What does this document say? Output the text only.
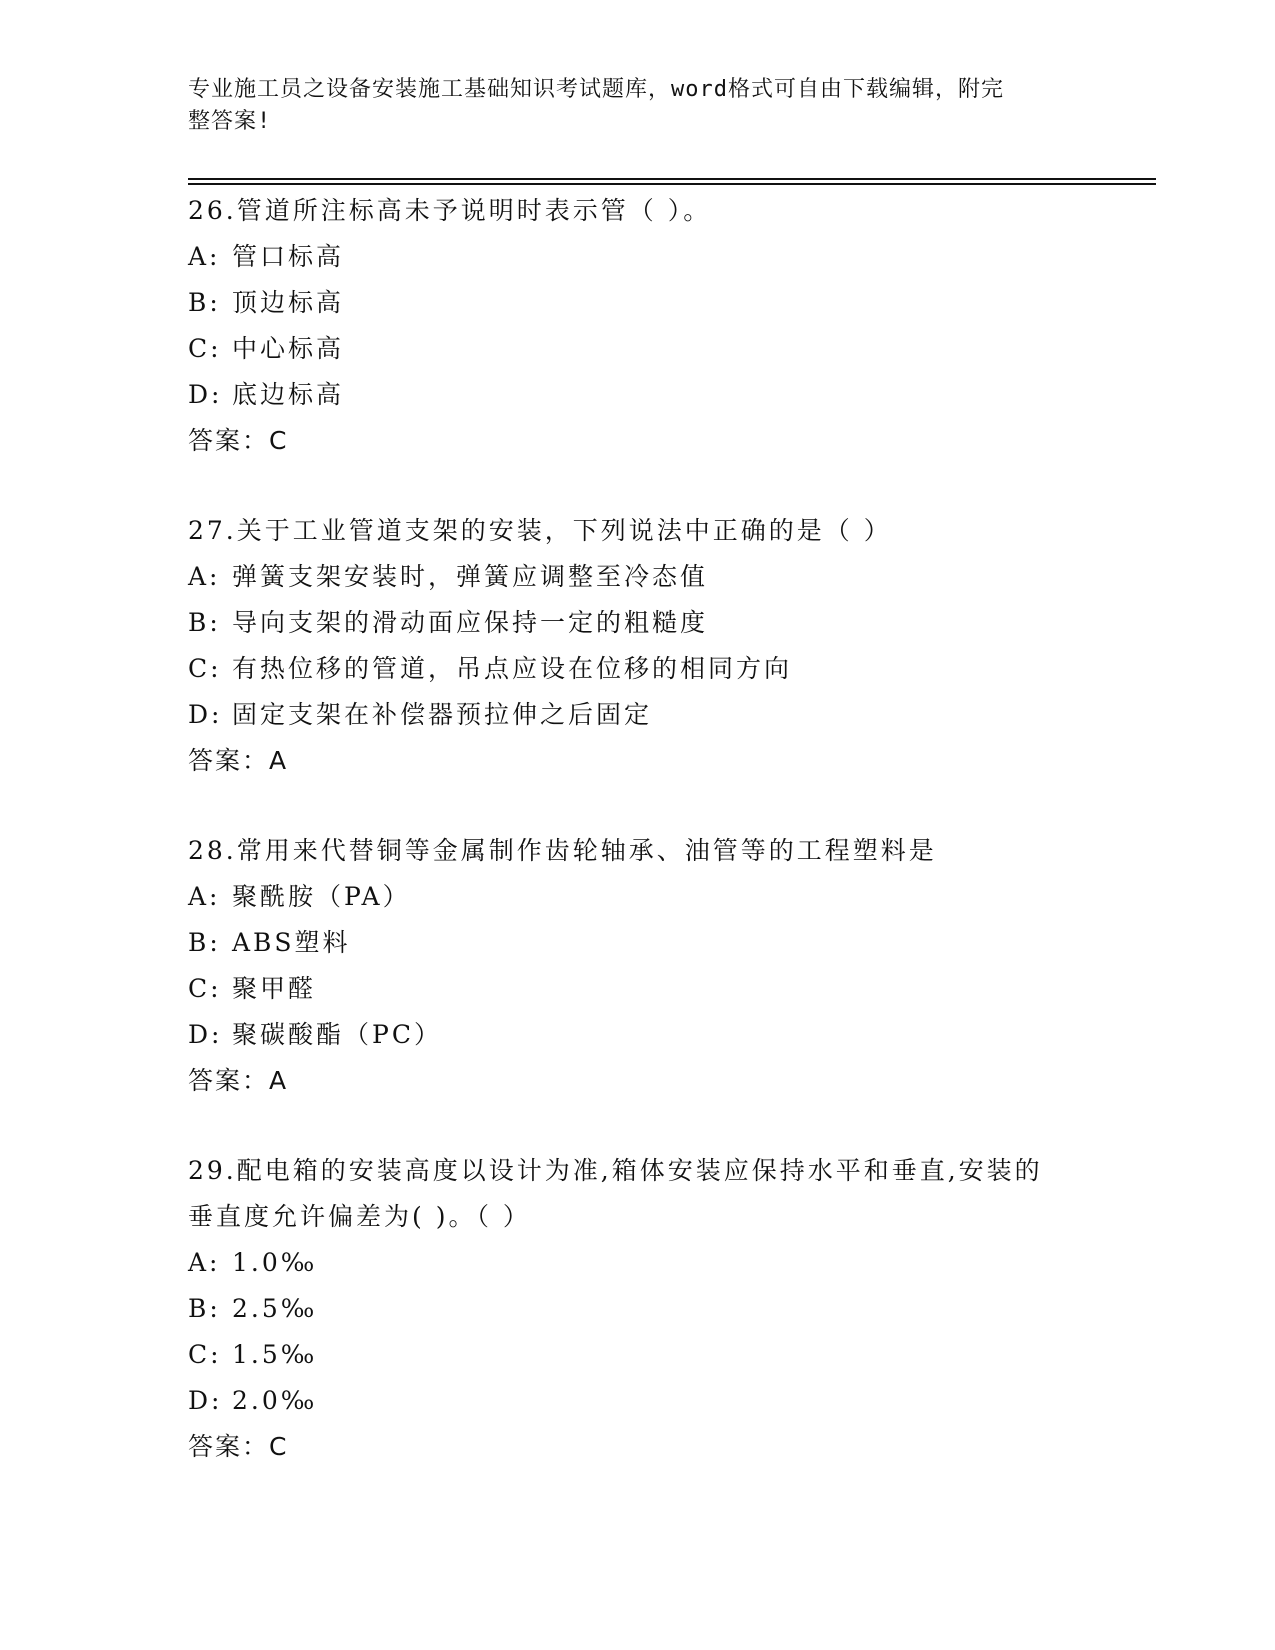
专业施工员之设备安装施工基础知识考试题库，word格式可自由下载编辑，附完
整答案!
26.管道所注标高未予说明时表示管（ ）。
A: 管口标高
B: 顶边标高
C: 中心标高
D: 底边标高
答案：C
27.关于工业管道支架的安装，下列说法中正确的是（ ）
A: 弹簧支架安装时，弹簧应调整至冷态值
B: 导向支架的滑动面应保持一定的粗糙度
C: 有热位移的管道，吊点应设在位移的相同方向
D: 固定支架在补偿器预拉伸之后固定
答案：A
28.常用来代替铜等金属制作齿轮轴承、油管等的工程塑料是
A: 聚酰胺（PA）
B: ABS塑料
C: 聚甲醛
D: 聚碳酸酯（PC）
答案：A
29.配电箱的安装高度以设计为准,箱体安装应保持水平和垂直,安装的
垂直度允许偏差为( )。（ ）
A: 1.0‰
B: 2.5‰
C: 1.5‰
D: 2.0‰
答案：C
